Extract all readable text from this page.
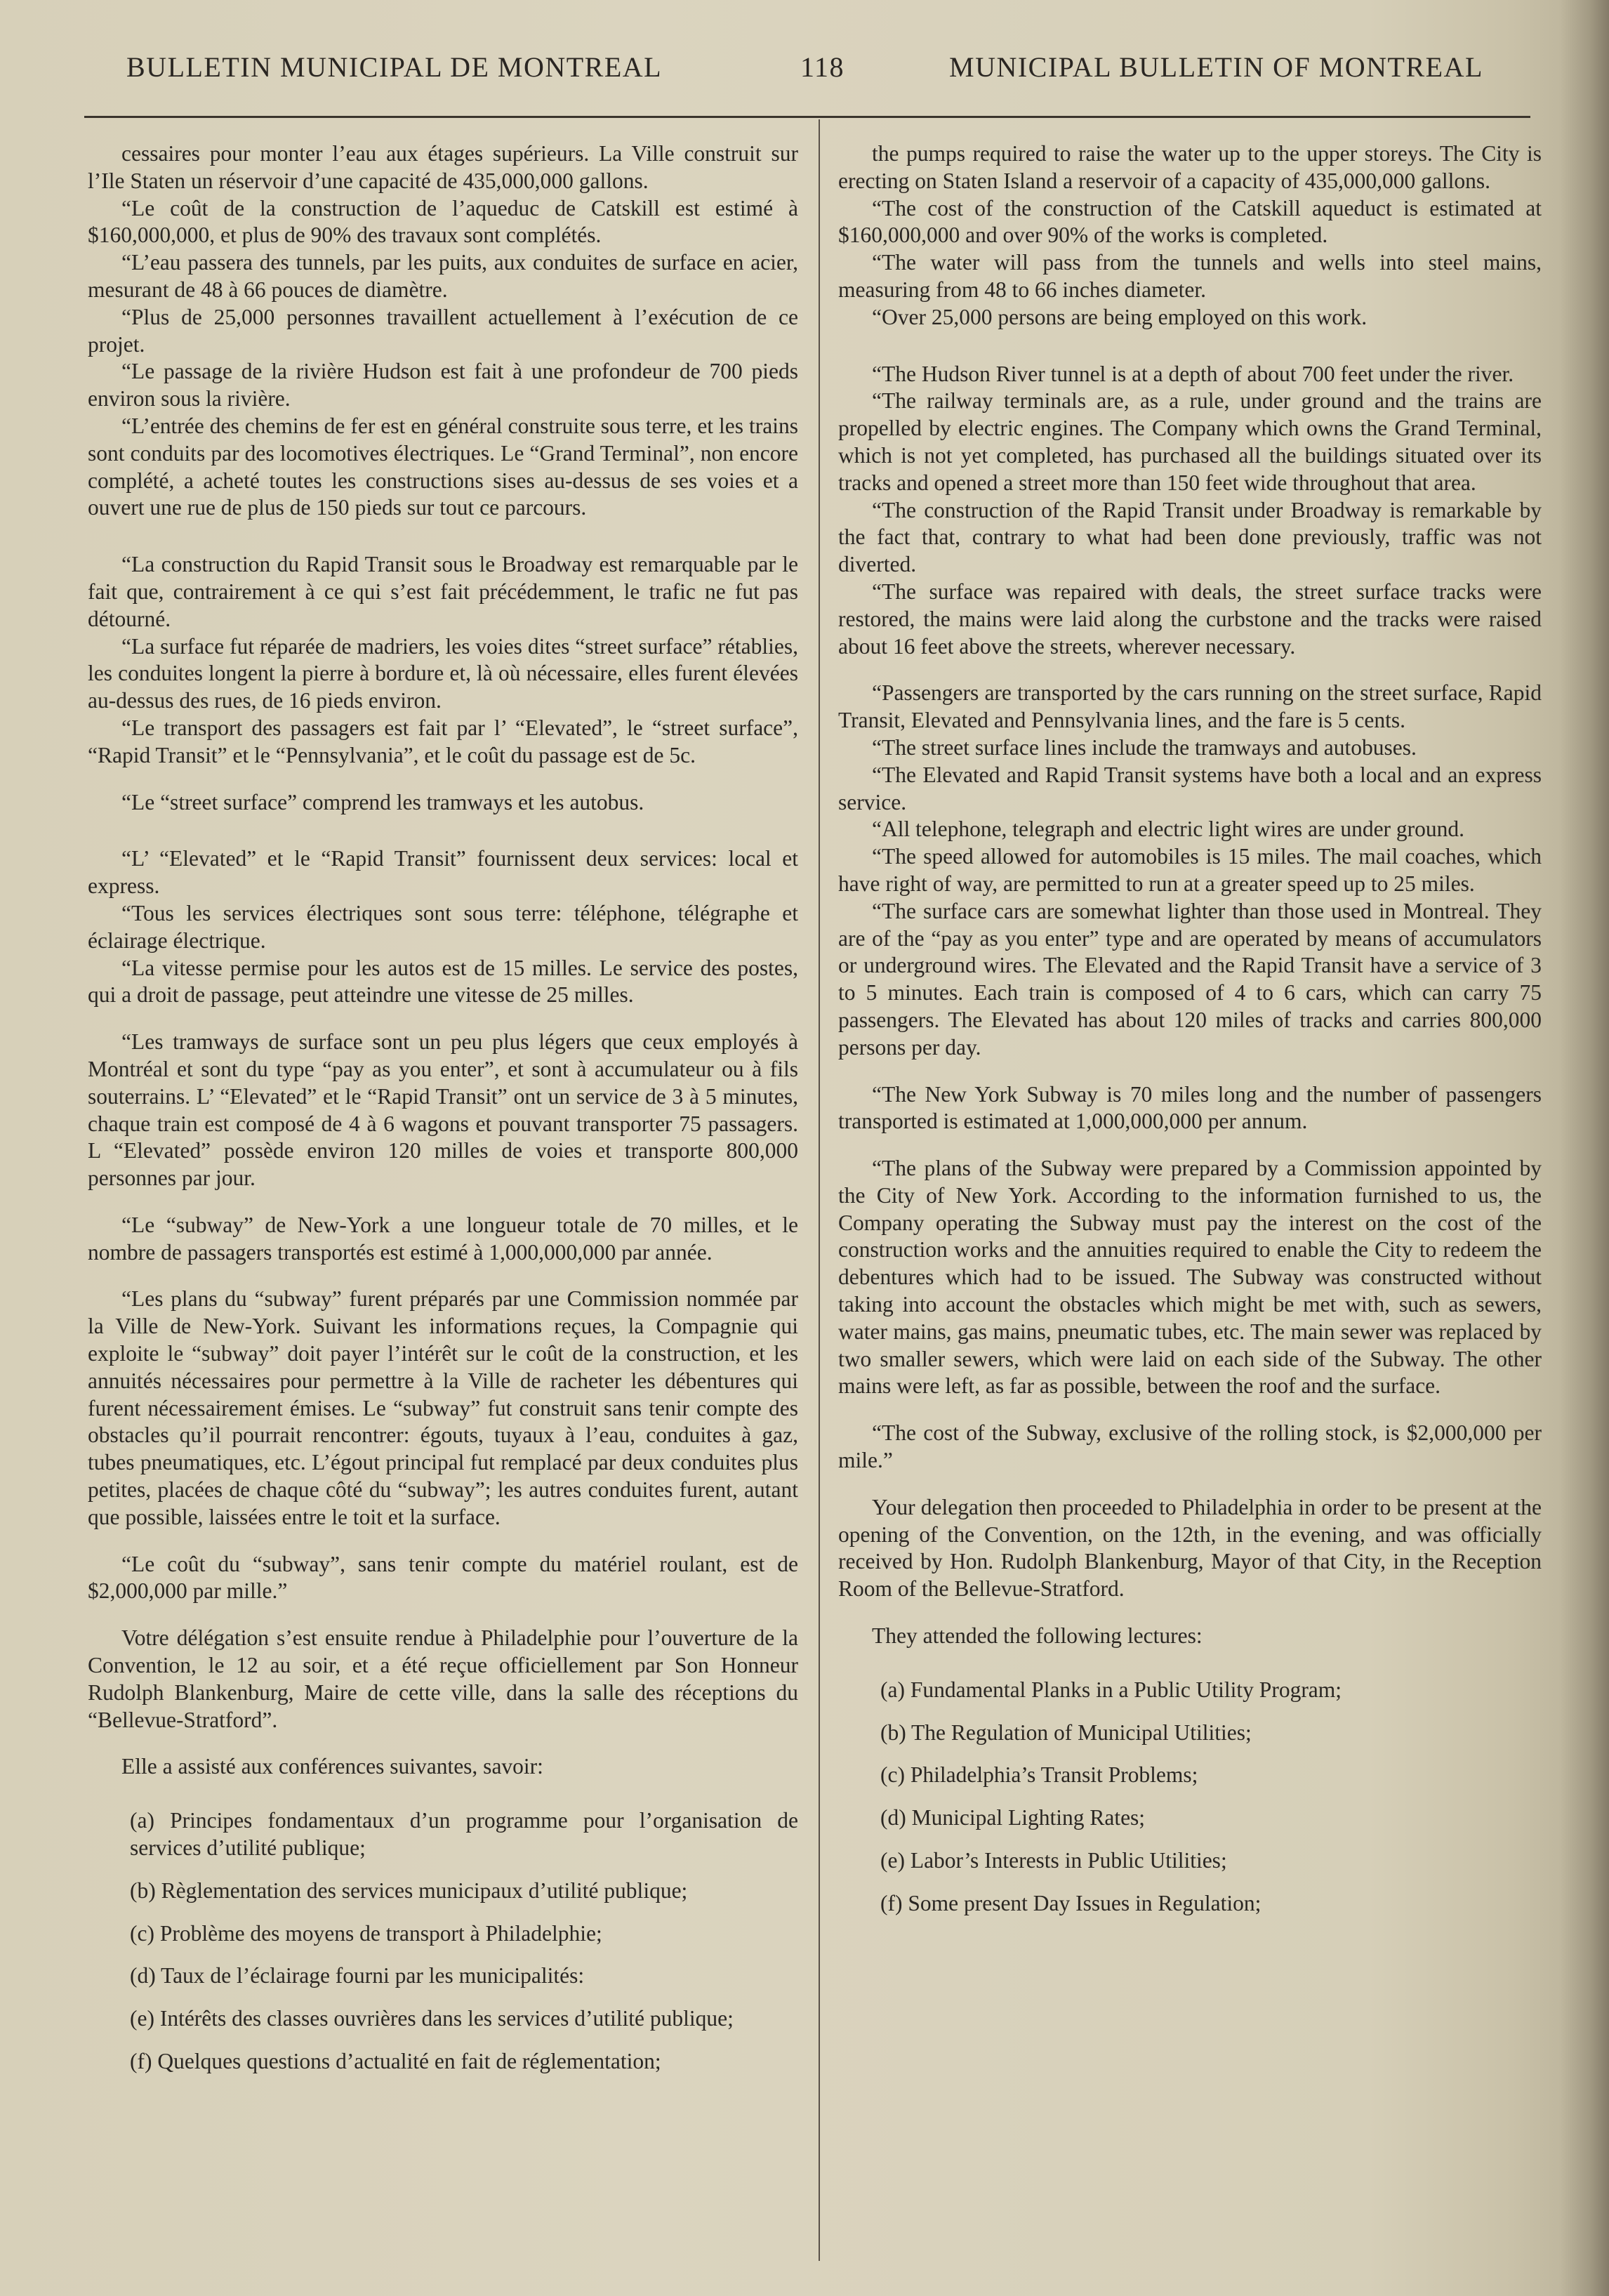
BULLETIN MUNICIPAL DE MONTREAL	118	MUNICIPAL BULLETIN OF MONTREAL

cessaires pour monter l’eau aux étages supérieurs. La Ville construit sur l’Ile Staten un réservoir d’une capacité de 435,000,000 gallons.

“Le coût de la construction de l’aqueduc de Catskill est estimé à $160,000,000, et plus de 90% des travaux sont complétés.

“L’eau passera des tunnels, par les puits, aux conduites de surface en acier, mesurant de 48 à 66 pouces de diamètre.

“Plus de 25,000 personnes travaillent actuellement à l’exécution de ce projet.

“Le passage de la rivière Hudson est fait à une profondeur de 700 pieds environ sous la rivière.

“L’entrée des chemins de fer est en général construite sous terre, et les trains sont conduits par des locomotives électriques. Le “Grand Terminal”, non encore complété, a acheté toutes les constructions sises au-dessus de ses voies et a ouvert une rue de plus de 150 pieds sur tout ce parcours.

“La construction du Rapid Transit sous le Broadway est remarquable par le fait que, contrairement à ce qui s’est fait précédemment, le trafic ne fut pas détourné.

“La surface fut réparée de madriers, les voies dites “street surface” rétablies, les conduites longent la pierre à bordure et, là où nécessaire, elles furent élevées au-dessus des rues, de 16 pieds environ.

“Le transport des passagers est fait par l’ “Elevated”, le “street surface”, “Rapid Transit” et le “Pennsylvania”, et le coût du passage est de 5c.

“Le “street surface” comprend les tramways et les autobus.

“L’ “Elevated” et le “Rapid Transit” fournissent deux services: local et express.

“Tous les services électriques sont sous terre: téléphone, télégraphe et éclairage électrique.

“La vitesse permise pour les autos est de 15 milles. Le service des postes, qui a droit de passage, peut atteindre une vitesse de 25 milles.

“Les tramways de surface sont un peu plus légers que ceux employés à Montréal et sont du type “pay as you enter”, et sont à accumulateur ou à fils souterrains. L’ “Elevated” et le “Rapid Transit” ont un service de 3 à 5 minutes, chaque train est composé de 4 à 6 wagons et pouvant transporter 75 passagers. L “Elevated” possède environ 120 milles de voies et transporte 800,000 personnes par jour.

“Le “subway” de New-York a une longueur totale de 70 milles, et le nombre de passagers transportés est estimé à 1,000,000,000 par année.

“Les plans du “subway” furent préparés par une Commission nommée par la Ville de New-York. Suivant les informations reçues, la Compagnie qui exploite le “subway” doit payer l’intérêt sur le coût de la construction, et les annuités nécessaires pour permettre à la Ville de racheter les débentures qui furent nécessairement émises. Le “subway” fut construit sans tenir compte des obstacles qu’il pourrait rencontrer: égouts, tuyaux à l’eau, conduites à gaz, tubes pneumatiques, etc. L’égout principal fut remplacé par deux conduites plus petites, placées de chaque côté du “subway”; les autres conduites furent, autant que possible, laissées entre le toit et la surface.

“Le coût du “subway”, sans tenir compte du matériel roulant, est de $2,000,000 par mille.”

Votre délégation s’est ensuite rendue à Philadelphie pour l’ouverture de la Convention, le 12 au soir, et a été reçue officiellement par Son Honneur Rudolph Blankenburg, Maire de cette ville, dans la salle des réceptions du “Bellevue-Stratford”.

Elle a assisté aux conférences suivantes, savoir:

(a) Principes fondamentaux d’un programme pour l’organisation de services d’utilité publique;

(b) Règlementation des services municipaux d’utilité publique;

(c) Problème des moyens de transport à Philadelphie;

(d) Taux de l’éclairage fourni par les municipalités:

(e) Intérêts des classes ouvrières dans les services d’utilité publique;

(f) Quelques questions d’actualité en fait de réglementation;

the pumps required to raise the water up to the upper storeys. The City is erecting on Staten Island a reservoir of a capacity of 435,000,000 gallons.

“The cost of the construction of the Catskill aqueduct is estimated at $160,000,000 and over 90% of the works is completed.

“The water will pass from the tunnels and wells into steel mains, measuring from 48 to 66 inches diameter.

“Over 25,000 persons are being employed on this work.

“The Hudson River tunnel is at a depth of about 700 feet under the river.

“The railway terminals are, as a rule, under ground and the trains are propelled by electric engines. The Company which owns the Grand Terminal, which is not yet completed, has purchased all the buildings situated over its tracks and opened a street more than 150 feet wide throughout that area.

“The construction of the Rapid Transit under Broadway is remarkable by the fact that, contrary to what had been done previously, traffic was not diverted.

“The surface was repaired with deals, the street surface tracks were restored, the mains were laid along the curbstone and the tracks were raised about 16 feet above the streets, wherever necessary.

“Passengers are transported by the cars running on the street surface, Rapid Transit, Elevated and Pennsylvania lines, and the fare is 5 cents.

“The street surface lines include the tramways and autobuses.

“The Elevated and Rapid Transit systems have both a local and an express service.

“All telephone, telegraph and electric light wires are under ground.

“The speed allowed for automobiles is 15 miles. The mail coaches, which have right of way, are permitted to run at a greater speed up to 25 miles.

“The surface cars are somewhat lighter than those used in Montreal. They are of the “pay as you enter” type and are operated by means of accumulators or underground wires. The Elevated and the Rapid Transit have a service of 3 to 5 minutes. Each train is composed of 4 to 6 cars, which can carry 75 passengers. The Elevated has about 120 miles of tracks and carries 800,000 persons per day.

“The New York Subway is 70 miles long and the number of passengers transported is estimated at 1,000,000,000 per annum.

“The plans of the Subway were prepared by a Commission appointed by the City of New York. According to the information furnished to us, the Company operating the Subway must pay the interest on the cost of the construction works and the annuities required to enable the City to redeem the debentures which had to be issued. The Subway was constructed without taking into account the obstacles which might be met with, such as sewers, water mains, gas mains, pneumatic tubes, etc. The main sewer was replaced by two smaller sewers, which were laid on each side of the Subway. The other mains were left, as far as possible, between the roof and the surface.

“The cost of the Subway, exclusive of the rolling stock, is $2,000,000 per mile.”

Your delegation then proceeded to Philadelphia in order to be present at the opening of the Convention, on the 12th, in the evening, and was officially received by Hon. Rudolph Blankenburg, Mayor of that City, in the Reception Room of the Bellevue-Stratford.

They attended the following lectures:

(a) Fundamental Planks in a Public Utility Program;

(b) The Regulation of Municipal Utilities;

(c) Philadelphia’s Transit Problems;

(d) Municipal Lighting Rates;

(e) Labor’s Interests in Public Utilities;

(f) Some present Day Issues in Regulation;
